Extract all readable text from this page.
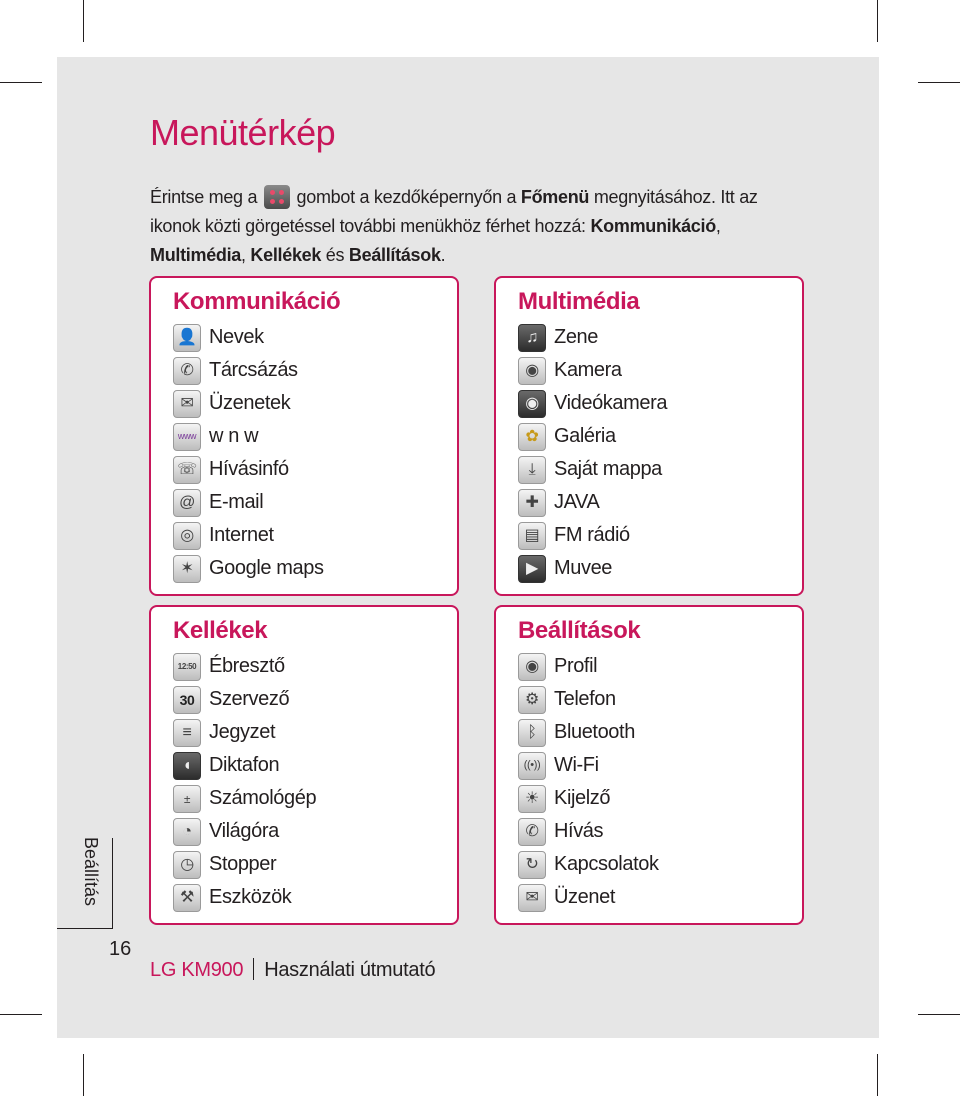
Menütérkép
Érintse meg a
gombot a kezdőképernyőn a Főmenü megnyitásához. Itt az ikonok közti görgetéssel további menükhöz férhet hozzá: Kommunikáció, Multimédia, Kellékek és Beállítások.
Kommunikáció
👤 Nevek
✆ Tárcsázás
✉ Üzenetek
www w n w
☏ Hívásinfó
@ E-mail
◎ Internet
✶ Google maps
Multimédia
♫ Zene
◉ Kamera
◉ Videókamera
✿ Galéria
⤓ Saját mappa
✚ JAVA
▤ FM rádió
▶ Muvee
Kellékek
12:50 Ébresztő
30 Szervező
≡ Jegyzet
◖ Diktafon
± Számológép
◔ Világóra
◷ Stopper
⚒ Eszközök
Beállítások
◉ Profil
⚙ Telefon
ᛒ Bluetooth
((•)) Wi-Fi
☀ Kijelző
✆ Hívás
↻ Kapcsolatok
✉ Üzenet
Beállítás
16
LG KM900 Használati útmutató
